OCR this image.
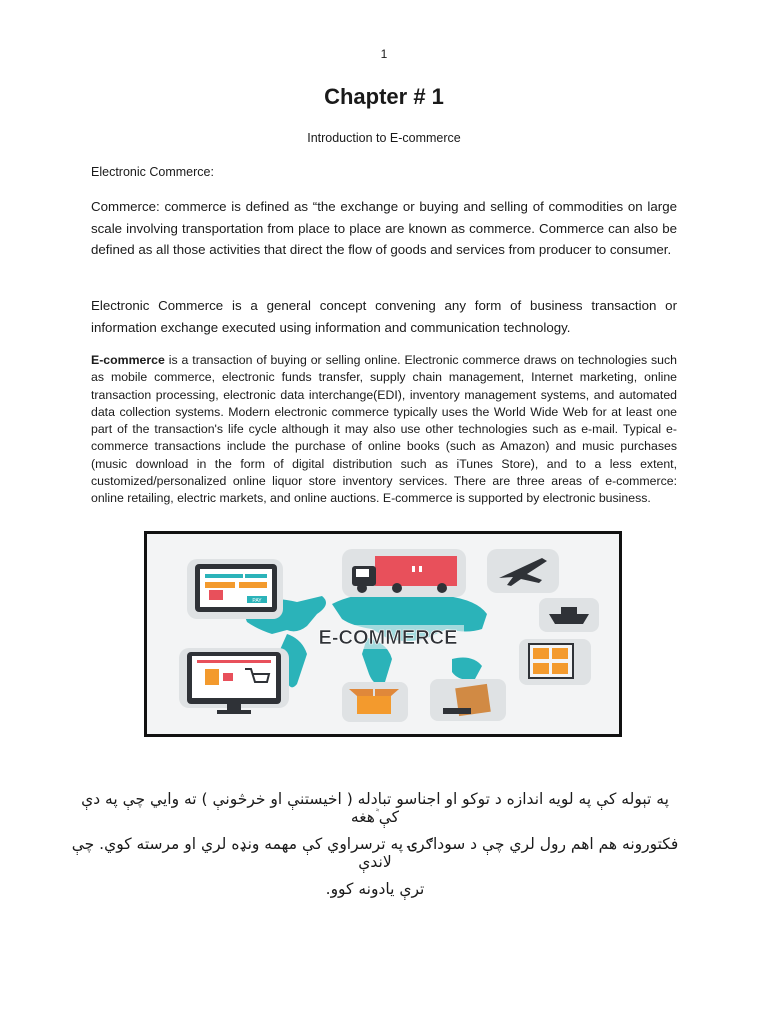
1
Chapter # 1
Introduction to E-commerce
Electronic Commerce:
Commerce: commerce is defined as “the exchange or buying and selling of commodities on large scale involving transportation from place to place are known as commerce. Commerce can also be defined as all those activities that direct the flow of goods and services from producer to consumer.
Electronic Commerce is a general concept convening any form of business transaction or information exchange executed using information and communication technology.
E-commerce is a transaction of buying or selling online. Electronic commerce draws on technologies such as mobile commerce, electronic funds transfer, supply chain management, Internet marketing, online transaction processing, electronic data interchange(EDI), inventory management systems, and automated data collection systems. Modern electronic commerce typically uses the World Wide Web for at least one part of the transaction's life cycle although it may also use other technologies such as e-mail. Typical e-commerce transactions include the purchase of online books (such as Amazon) and music purchases (music download in the form of digital distribution such as iTunes Store), and to a less extent, customized/personalized online liquor store inventory services. There are three areas of e-commerce: online retailing, electric markets, and online auctions. E-commerce is supported by electronic business.
E-COMMERCE
PAY
په تېوله کې په لویه اندازه د توکو او اجناسو تبادله ( اخیستنې او خرڅونې ) ته وایي چې په دې کې ٞهغه
فکتورونه هم اهم رول لري چې د سوداګرۍ په ترسراوي کې مهمه ونډه لري او مرسته کوي. چې لاندې
ترې یادونه کوو.
